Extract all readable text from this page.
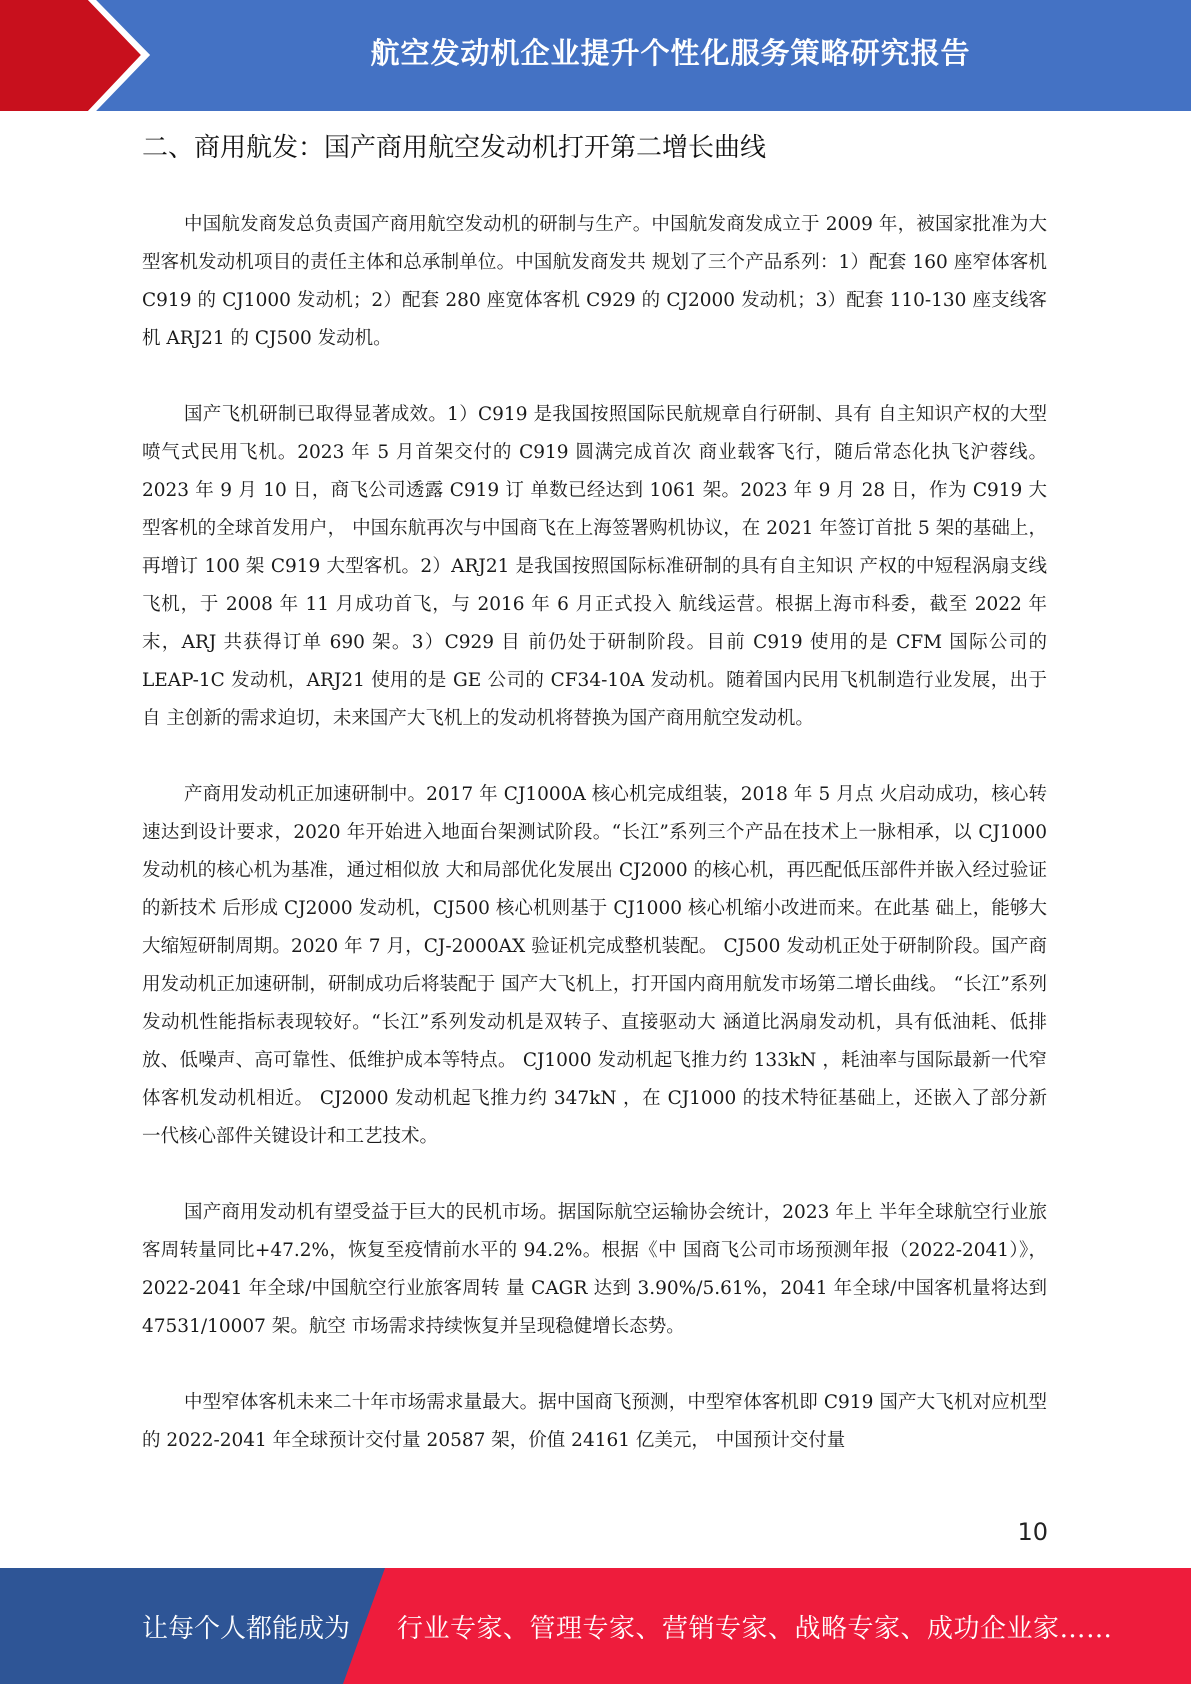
航空发动机企业提升个性化服务策略研究报告
二、商用航发：国产商用航空发动机打开第二增长曲线

中国航发商发总负责国产商用航空发动机的研制与生产。中国航发商发成立于 2009 年，被国家批准为大型客机发动机项目的责任主体和总承制单位。中国航发商发共 规划了三个产品系列：1）配套 160 座窄体客机 C919 的 CJ1000 发动机；2）配套 280 座宽体客机 C929 的 CJ2000 发动机；3）配套 110-130 座支线客机 ARJ21 的 CJ500 发动机。

国产飞机研制已取得显著成效。1）C919 是我国按照国际民航规章自行研制、具有 自主知识产权的大型喷气式民用飞机。2023 年 5 月首架交付的 C919 圆满完成首次 商业载客飞行，随后常态化执飞沪蓉线。2023 年 9 月 10 日，商飞公司透露 C919 订 单数已经达到 1061 架。2023 年 9 月 28 日，作为 C919 大型客机的全球首发用户， 中国东航再次与中国商飞在上海签署购机协议，在 2021 年签订首批 5 架的基础上， 再增订 100 架 C919 大型客机。2）ARJ21 是我国按照国际标准研制的具有自主知识 产权的中短程涡扇支线飞机，于 2008 年 11 月成功首飞，与 2016 年 6 月正式投入 航线运营。根据上海市科委，截至 2022 年末，ARJ 共获得订单 690 架。3）C929 目 前仍处于研制阶段。目前 C919 使用的是 CFM 国际公司的 LEAP-1C 发动机，ARJ21 使用的是 GE 公司的 CF34-10A 发动机。随着国内民用飞机制造行业发展，出于自 主创新的需求迫切，未来国产大飞机上的发动机将替换为国产商用航空发动机。

产商用发动机正加速研制中。2017 年 CJ1000A 核心机完成组装，2018 年 5 月点 火启动成功，核心转速达到设计要求，2020 年开始进入地面台架测试阶段。“长江”系列三个产品在技术上一脉相承，以 CJ1000 发动机的核心机为基准，通过相似放 大和局部优化发展出 CJ2000 的核心机，再匹配低压部件并嵌入经过验证的新技术 后形成 CJ2000 发动机，CJ500 核心机则基于 CJ1000 核心机缩小改进而来。在此基 础上，能够大大缩短研制周期。2020 年 7 月，CJ-2000AX 验证机完成整机装配。 CJ500 发动机正处于研制阶段。国产商用发动机正加速研制，研制成功后将装配于 国产大飞机上，打开国内商用航发市场第二增长曲线。 “长江”系列发动机性能指标表现较好。“长江”系列发动机是双转子、直接驱动大 涵道比涡扇发动机，具有低油耗、低排放、低噪声、高可靠性、低维护成本等特点。 CJ1000 发动机起飞推力约 133kN ，耗油率与国际最新一代窄体客机发动机相近。 CJ2000 发动机起飞推力约 347kN ，在 CJ1000 的技术特征基础上，还嵌入了部分新 一代核心部件关键设计和工艺技术。

国产商用发动机有望受益于巨大的民机市场。据国际航空运输协会统计，2023 年上 半年全球航空行业旅客周转量同比+47.2%，恢复至疫情前水平的 94.2%。根据《中 国商飞公司市场预测年报（2022-2041）》，2022-2041 年全球/中国航空行业旅客周转 量 CAGR 达到 3.90%/5.61%，2041 年全球/中国客机量将达到 47531/10007 架。航空 市场需求持续恢复并呈现稳健增长态势。

中型窄体客机未来二十年市场需求量最大。据中国商飞预测，中型窄体客机即 C919 国产大飞机对应机型的 2022-2041 年全球预计交付量 20587 架，价值 24161 亿美元， 中国预计交付量

10
让每个人都能成为 行业专家、管理专家、营销专家、战略专家、成功企业家……
